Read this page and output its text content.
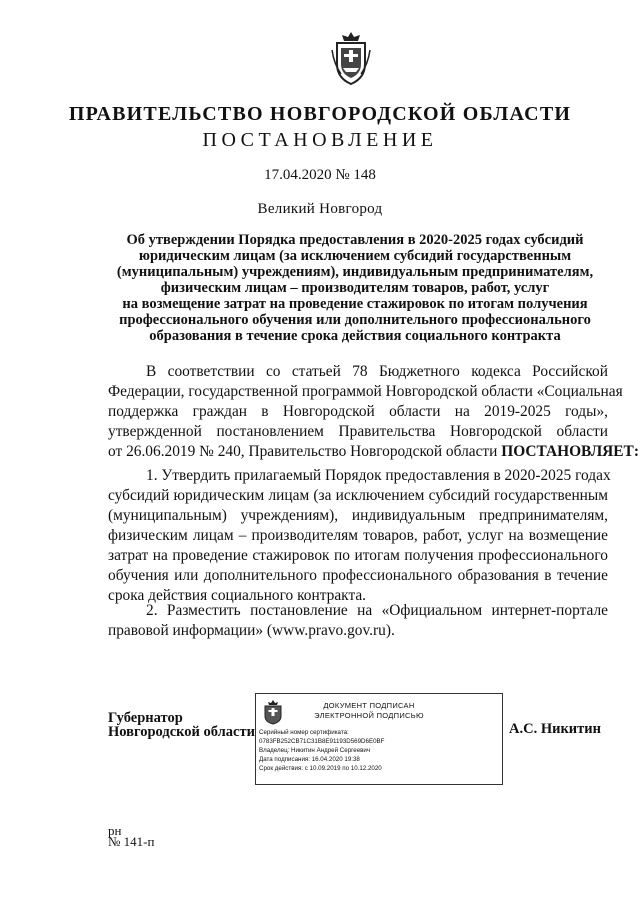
ПРАВИТЕЛЬСТВО НОВГОРОДСКОЙ ОБЛАСТИ
ПОСТАНОВЛЕНИЕ
17.04.2020 № 148
Великий Новгород
Об утверждении Порядка предоставления в 2020-2025 годах субсидий
юридическим лицам (за исключением субсидий государственным
(муниципальным) учреждениям), индивидуальным предпринимателям,
физическим лицам – производителям товаров, работ, услуг
на возмещение затрат на проведение стажировок по итогам получения
профессионального обучения или дополнительного профессионального
образования в течение срока действия социального контракта
В соответствии со статьей 78 Бюджетного кодекса Российской
Федерации, государственной программой Новгородской области «Социальная
поддержка граждан в Новгородской области на 2019-2025 годы»,
утвержденной постановлением Правительства Новгородской области
от 26.06.2019 № 240, Правительство Новгородской области ПОСТАНОВЛЯЕТ:
1. Утвердить прилагаемый Порядок предоставления в 2020-2025 годах
субсидий юридическим лицам (за исключением субсидий государственным
(муниципальным) учреждениям), индивидуальным предпринимателям,
физическим лицам – производителям товаров, работ, услуг на возмещение
затрат на проведение стажировок по итогам получения профессионального
обучения или дополнительного профессионального образования в течение
срока действия социального контракта.
2. Разместить постановление на «Официальном интернет-портале
правовой информации» (www.pravo.gov.ru).
Губернатор
Новгородской области
ДОКУМЕНТ ПОДПИСАН
ЭЛЕКТРОННОЙ ПОДПИСЬЮ
Серийный номер сертификата:
0783FB252CB71C31B8E91193D569D6E0BF
Владелец: Никитин Андрей Сергеевич
Дата подписания: 16.04.2020 19:38
Срок действия: с 10.09.2019 по 10.12.2020
А.С. Никитин
рн
№ 141-п
